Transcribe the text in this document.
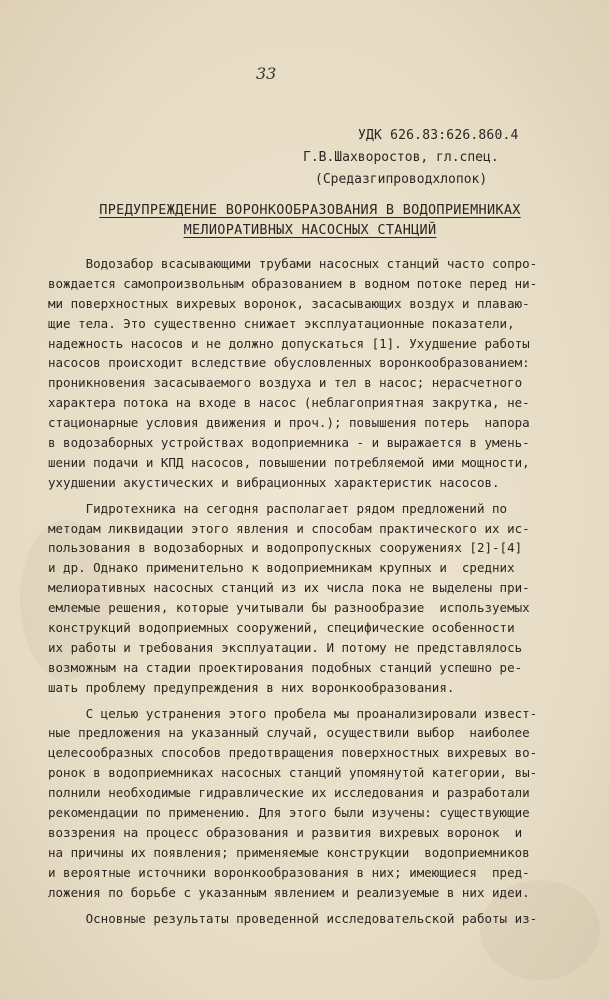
33
УДК 626.83:626.860.4
Г.В.Шахворостов, гл.спец.
(Средазгипроводхлопок)
ПРЕДУПРЕЖДЕНИЕ ВОРОНКООБРАЗОВАНИЯ В ВОДОПРИЕМНИКАХ
МЕЛИОРАТИВНЫХ НАСОСНЫХ СТАНЦИЙ
Водозабор всасывающими трубами насосных станций часто сопро-
вождается самопроизвольным образованием в водном потоке перед ни-
ми поверхностных вихревых воронок, засасывающих воздух и плаваю-
щие тела. Это существенно снижает эксплуатационные показатели,
надежность насосов и не должно допускаться [1]. Ухудшение работы
насосов происходит вследствие обусловленных воронкообразованием:
проникновения засасываемого воздуха и тел в насос; нерасчетного
характера потока на входе в насос (неблагоприятная закрутка, не-
стационарные условия движения и проч.); повышения потерь  напора
в водозаборных устройствах водоприемника - и выражается в умень-
шении подачи и КПД насосов, повышении потребляемой ими мощности,
ухудшении акустических и вибрационных характеристик насосов.
Гидротехника на сегодня располагает рядом предложений по
методам ликвидации этого явления и способам практического их ис-
пользования в водозаборных и водопропускных сооружениях [2]-[4]
и др. Однако применительно к водоприемникам крупных и  средних
мелиоративных насосных станций из их числа пока не выделены при-
емлемые решения, которые учитывали бы разнообразие  используемых
конструкций водоприемных сооружений, специфические особенности
их работы и требования эксплуатации. И потому не представлялось
возможным на стадии проектирования подобных станций успешно ре-
шать проблему предупреждения в них воронкообразования.
С целью устранения этого пробела мы проанализировали извест-
ные предложения на указанный случай, осуществили выбор  наиболее
целесообразных способов предотвращения поверхностных вихревых во-
ронок в водоприемниках насосных станций упомянутой категории, вы-
полнили необходимые гидравлические их исследования и разработали
рекомендации по применению. Для этого были изучены: существующие
воззрения на процесс образования и развития вихревых воронок  и
на причины их появления; применяемые конструкции  водоприемников
и вероятные источники воронкообразования в них; имеющиеся  пред-
ложения по борьбе с указанным явлением и реализуемые в них идеи.
Основные результаты проведенной исследовательской работы из-
